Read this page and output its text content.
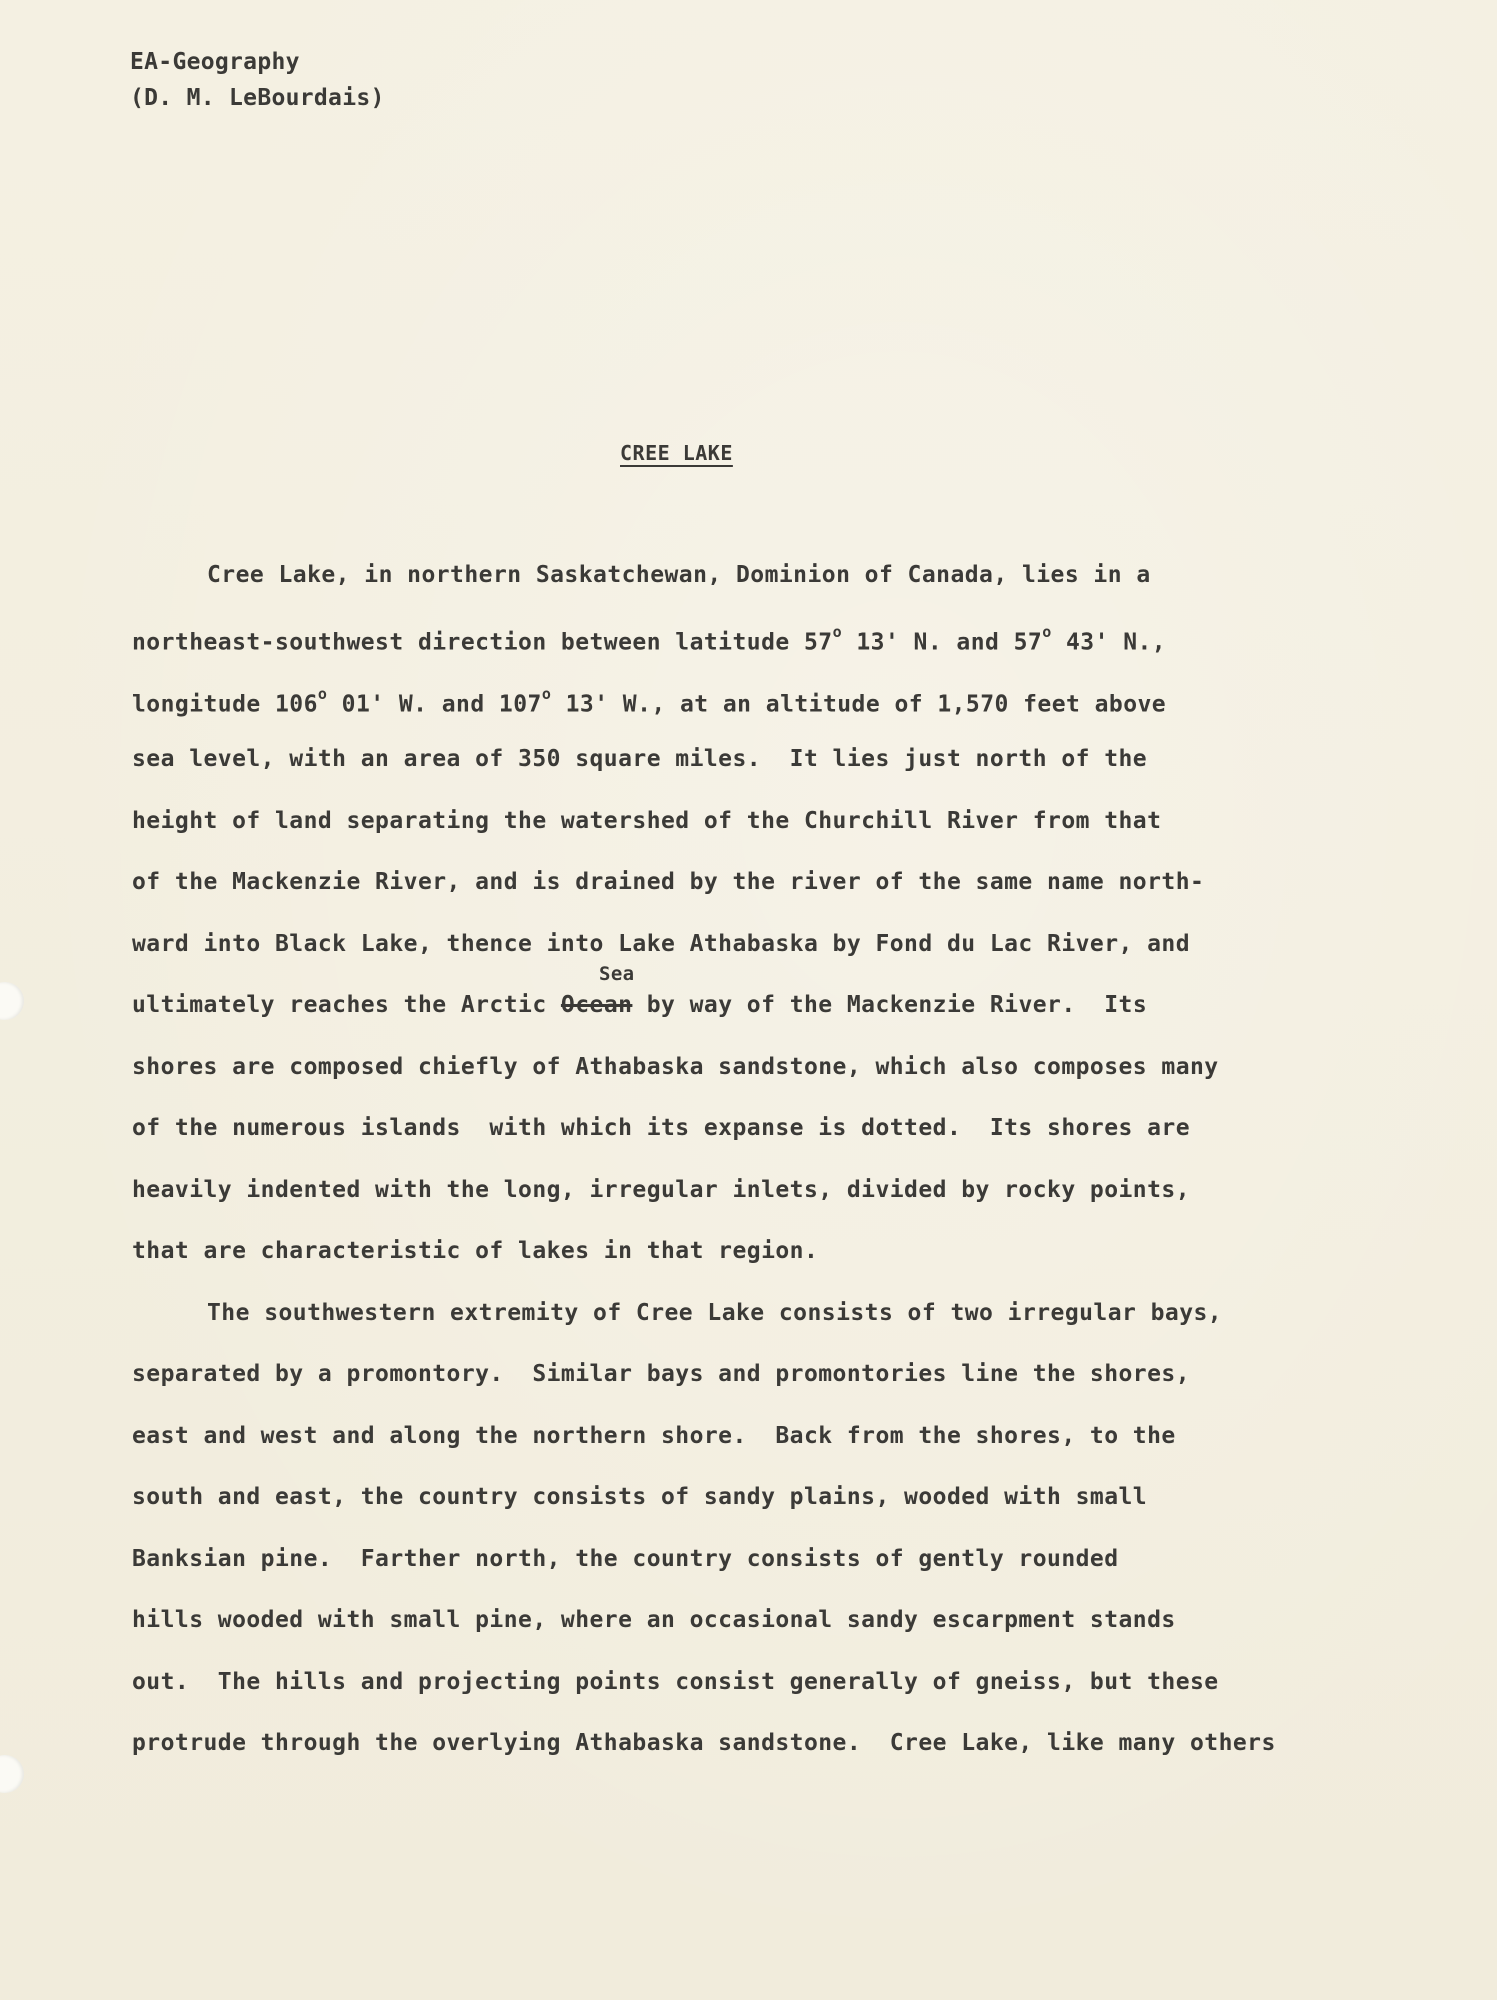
EA-Geography
(D. M. LeBourdais)
CREE LAKE
Cree Lake, in northern Saskatchewan, Dominion of Canada, lies in a
northeast-southwest direction between latitude 57$^o$ 13' N. and 57$^o$ 43' N.,
longitude 106$^o$ 01' W. and 107$^o$ 13' W., at an altitude of 1,570 feet above
sea level, with an area of 350 square miles.  It lies just north of the
height of land separating the watershed of the Churchill River from that
of the Mackenzie River, and is drained by the river of the same name north-
ward into Black Lake, thence into Lake Athabaska by Fond du Lac River, and
Sea
ultimately reaches the Arctic Ocean by way of the Mackenzie River.  Its
shores are composed chiefly of Athabaska sandstone, which also composes many
of the numerous islands  with which its expanse is dotted.  Its shores are
heavily indented with the long, irregular inlets, divided by rocky points,
that are characteristic of lakes in that region.
The southwestern extremity of Cree Lake consists of two irregular bays,
separated by a promontory.  Similar bays and promontories line the shores,
east and west and along the northern shore.  Back from the shores, to the
south and east, the country consists of sandy plains, wooded with small
Banksian pine.  Farther north, the country consists of gently rounded
hills wooded with small pine, where an occasional sandy escarpment stands
out.  The hills and projecting points consist generally of gneiss, but these
protrude through the overlying Athabaska sandstone.  Cree Lake, like many others
